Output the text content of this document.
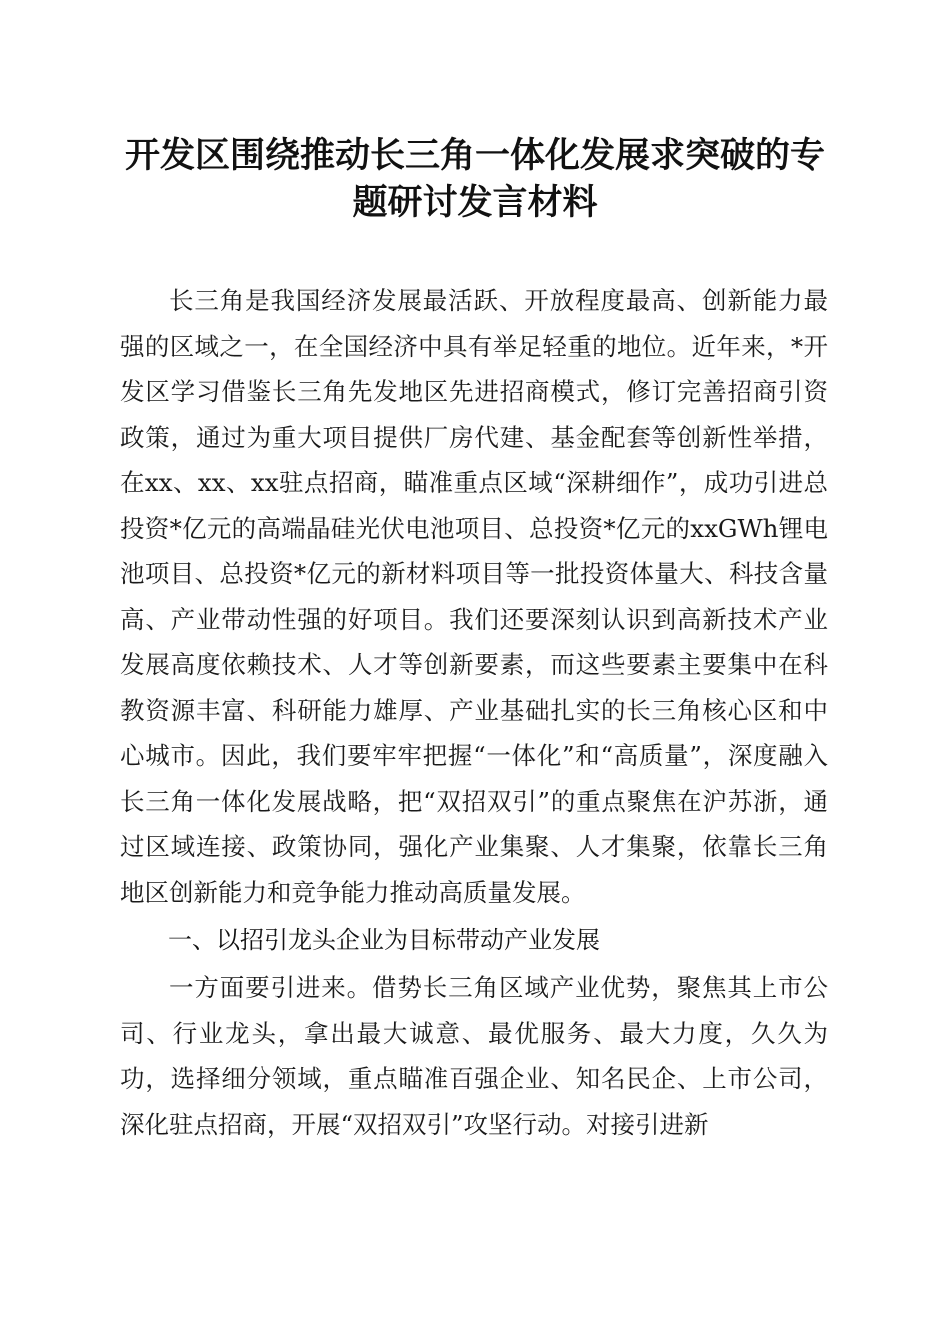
开发区围绕推动长三角一体化发展求突破的专题研讨发言材料

长三角是我国经济发展最活跃、开放程度最高、创新能力最强的区域之一，在全国经济中具有举足轻重的地位。近年来，*开发区学习借鉴长三角先发地区先进招商模式，修订完善招商引资政策，通过为重大项目提供厂房代建、基金配套等创新性举措，在xx、xx、xx驻点招商，瞄准重点区域“深耕细作”，成功引进总投资*亿元的高端晶硅光伏电池项目、总投资*亿元的xxGWh锂电池项目、总投资*亿元的新材料项目等一批投资体量大、科技含量高、产业带动性强的好项目。我们还要深刻认识到高新技术产业发展高度依赖技术、人才等创新要素，而这些要素主要集中在科教资源丰富、科研能力雄厚、产业基础扎实的长三角核心区和中心城市。因此，我们要牢牢把握“一体化”和“高质量”，深度融入长三角一体化发展战略，把“双招双引”的重点聚焦在沪苏浙，通过区域连接、政策协同，强化产业集聚、人才集聚，依靠长三角地区创新能力和竞争能力推动高质量发展。

一、以招引龙头企业为目标带动产业发展

一方面要引进来。借势长三角区域产业优势，聚焦其上市公司、行业龙头，拿出最大诚意、最优服务、最大力度，久久为功，选择细分领域，重点瞄准百强企业、知名民企、上市公司，深化驻点招商，开展“双招双引”攻坚行动。对接引进新
